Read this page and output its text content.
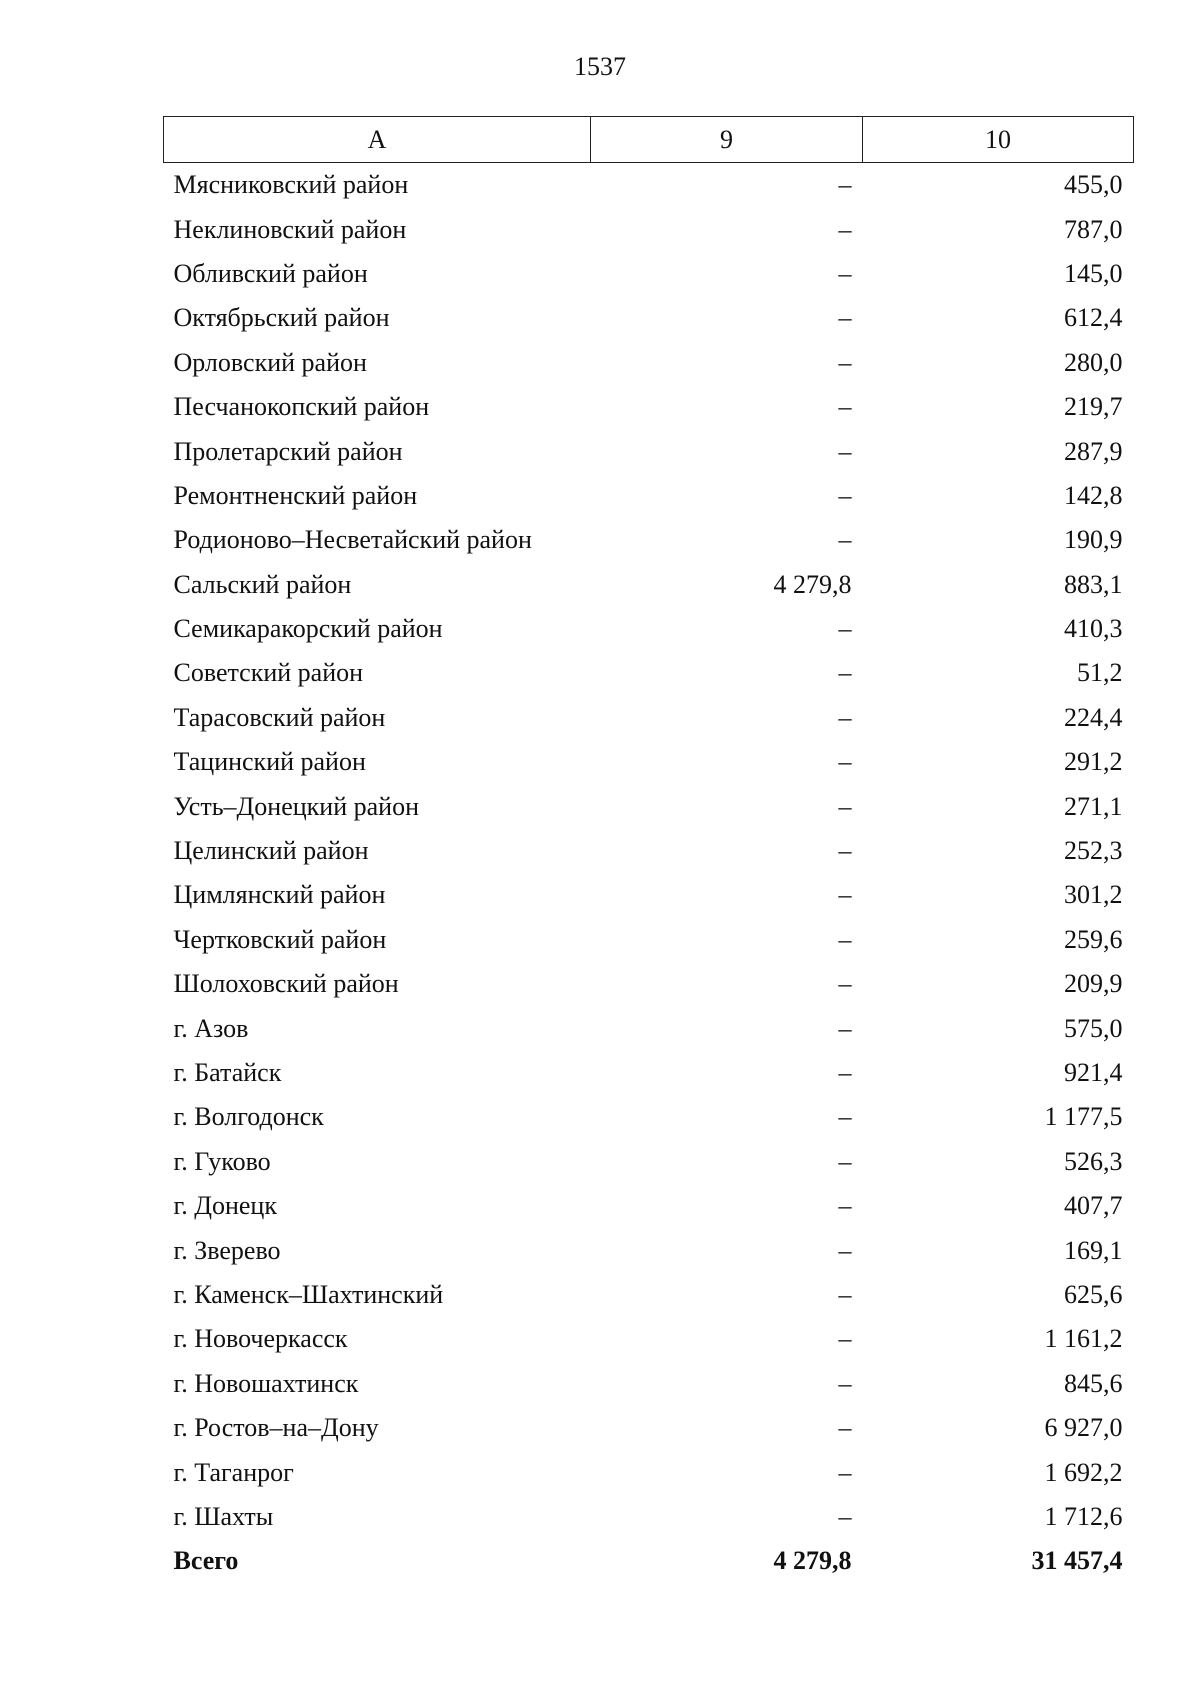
1537
А	9	10
Мясниковский район	–	455,0
Неклиновский район	–	787,0
Обливский район	–	145,0
Октябрьский район	–	612,4
Орловский район	–	280,0
Песчанокопский район	–	219,7
Пролетарский район	–	287,9
Ремонтненский район	–	142,8
Родионово–Несветайский район	–	190,9
Сальский район	4 279,8	883,1
Семикаракорский район	–	410,3
Советский район	–	51,2
Тарасовский район	–	224,4
Тацинский район	–	291,2
Усть–Донецкий район	–	271,1
Целинский район	–	252,3
Цимлянский район	–	301,2
Чертковский район	–	259,6
Шолоховский район	–	209,9
г. Азов	–	575,0
г. Батайск	–	921,4
г. Волгодонск	–	1 177,5
г. Гуково	–	526,3
г. Донецк	–	407,7
г. Зверево	–	169,1
г. Каменск–Шахтинский	–	625,6
г. Новочеркасск	–	1 161,2
г. Новошахтинск	–	845,6
г. Ростов–на–Дону	–	6 927,0
г. Таганрог	–	1 692,2
г. Шахты	–	1 712,6
Всего	4 279,8	31 457,4
